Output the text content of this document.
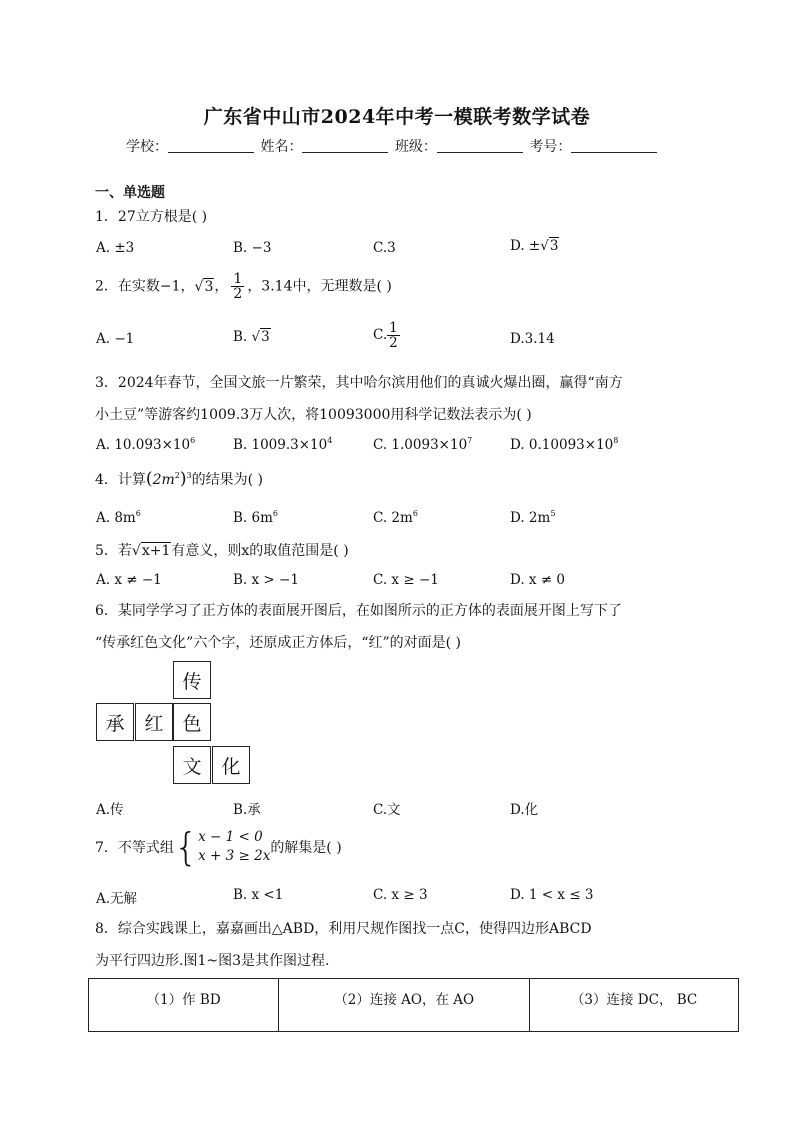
广东省中山市2024年中考一模联考数学试卷
学校：	姓名：	班级：	考号：
一、单选题
1．27立方根是( )
A. ±3	B. −3	C.3	D. ±√3
2．在实数−1，√3， $\frac{1}{2}$ ，3.14中，无理数是( )
A. −1	B. √3	C. $\frac{1}{2}$	D.3.14
3．2024年春节，全国文旅一片繁荣，其中哈尔滨用他们的真诚火爆出圈，赢得“南方
小土豆”等游客约1009.3万人次，将10093000用科学记数法表示为( )
A. $10.093\times 10^6$	B. $1009.3\times 10^4$	C. $1.0093\times 10^7$	D. $0.10093\times 10^8$
4．计算$(2m^2)^3$的结果为( )
A. $8m^6$	B. $6m^6$	C. $2m^6$	D. $2m^5$
5．若√x+1有意义，则x的取值范围是( )
A. x ≠ −1	B. x > −1	C. x ≥ −1	D. x ≠ 0
6．某同学学习了正方体的表面展开图后，在如图所示的正方体的表面展开图上写下了
“传承红色文化”六个字，还原成正方体后，“红”的对面是( )
传
承	红 色
文	化
A.传	B.承	C.文	D.化
7．不等式组{x − 1 < 0
x + 3 ≥ 2x的解集是( )
A.无解	B. x <1	C. x ≥ 3	D. 1 < x ≤ 3
8．综合实践课上，嘉嘉画出△ABD，利用尺规作图找一点C，使得四边形ABCD
为平行四边形.图1~图3是其作图过程.
（1）作 BD	（2）连接 AO，在 AO	（3）连接 DC， BC
